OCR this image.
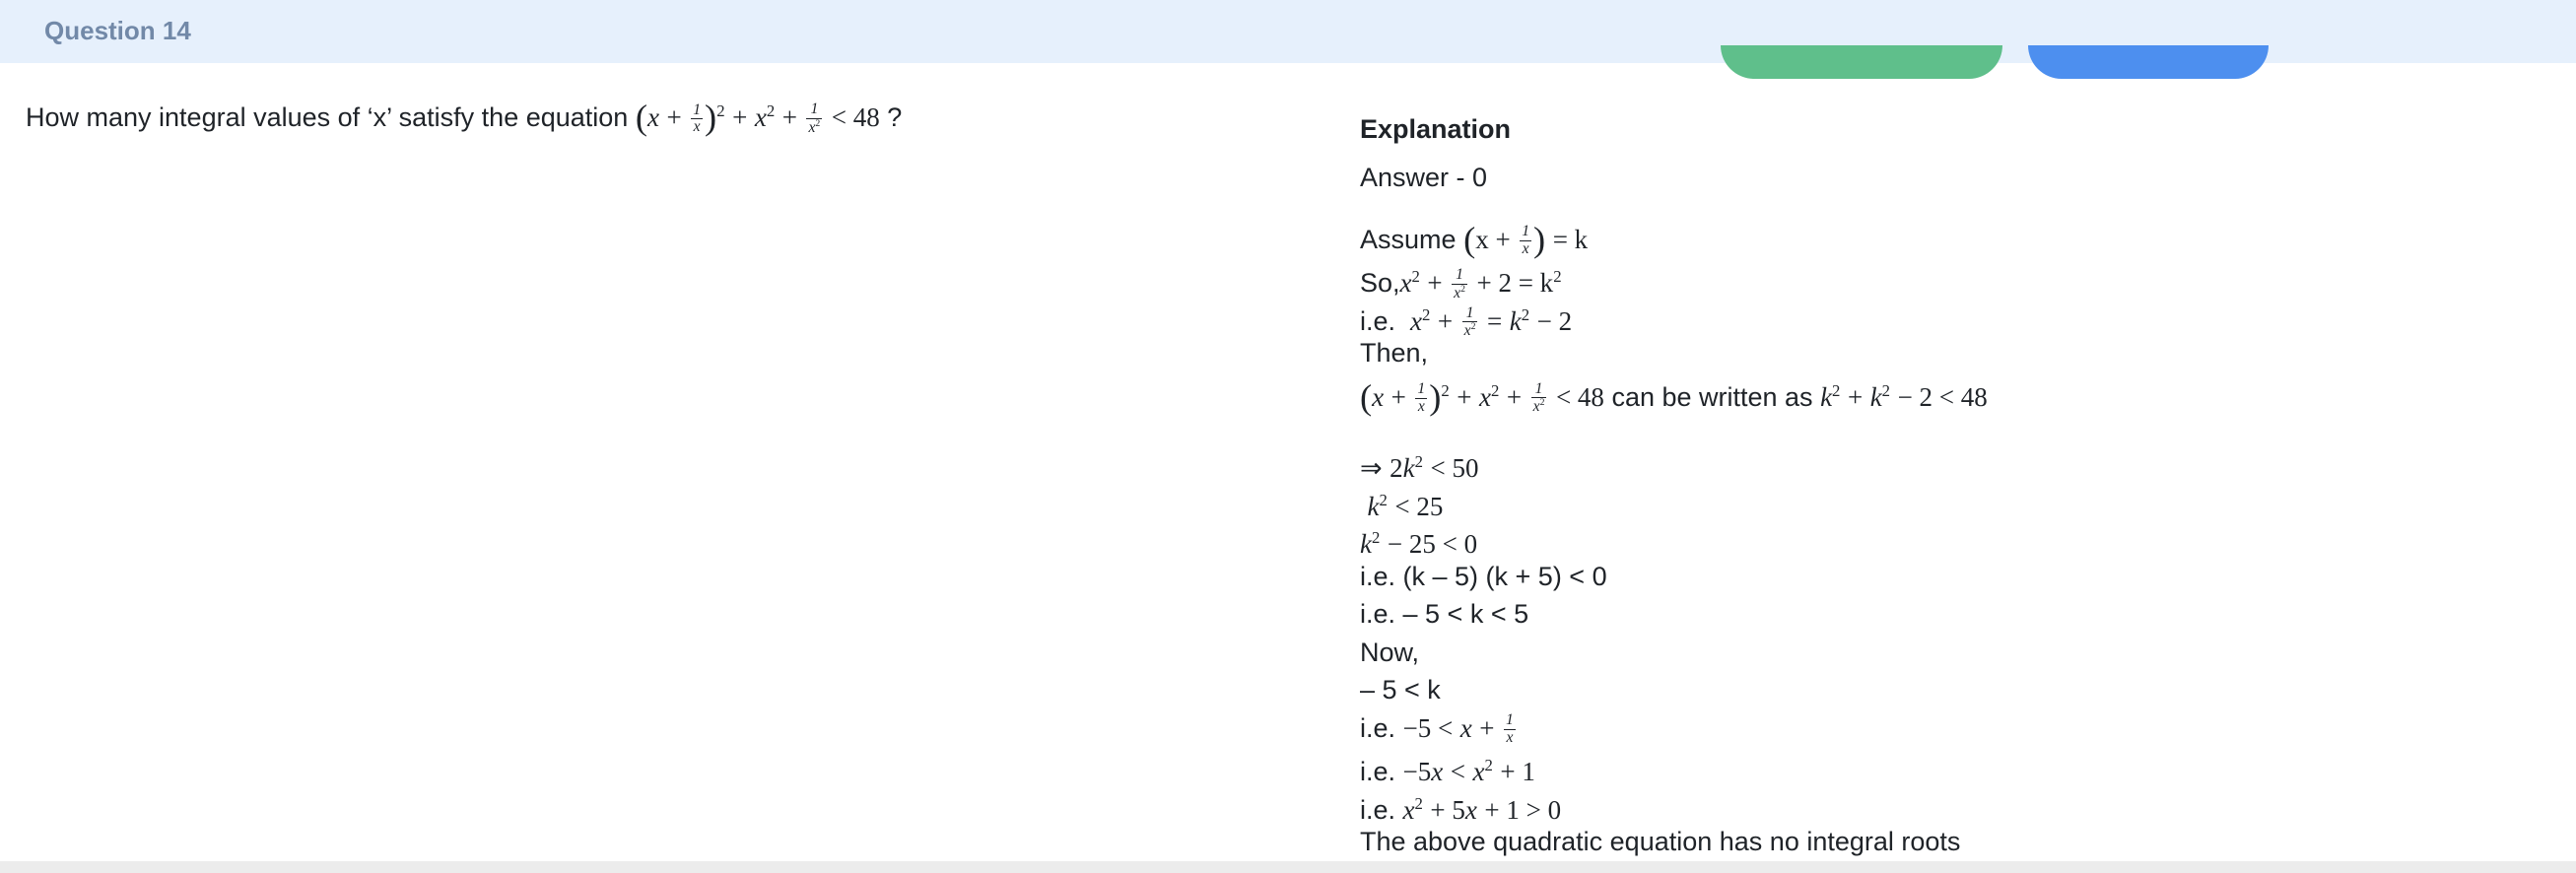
Question 14
How many integral values of ‘x’ satisfy the equation $(x + \frac{1}{x} )^2 + x^2 + \frac{1}{x^2} < 48$ ?	Explanation
Answer - 0
Assume ($x + \frac{1}{x}$ ) = k
$So,x^2 + \frac{1}{x^2} + 2 = k^2$
i.e. $x^2 + \frac{1}{x^2} = k^2 - 2$
Then,
$(x + \frac{1}{x} )^2 + x^2 + \frac{1}{x^2} < 48$ can be written as $k^2 + k^2 - 2 < 48$
⇒ $2k^2 < 50$
$k^2 < 25$
$k^2 - 25 < 0$
i.e. (k – 5) (k + 5) < 0
i.e. – 5 < k < 5
Now,
– 5 < k
i.e. $-5 < x + \frac{1}{x}$
i.e. $-5x < x^2 + 1$
i.e. $x^2 + 5x + 1 > 0$
The above quadratic equation has no integral roots
